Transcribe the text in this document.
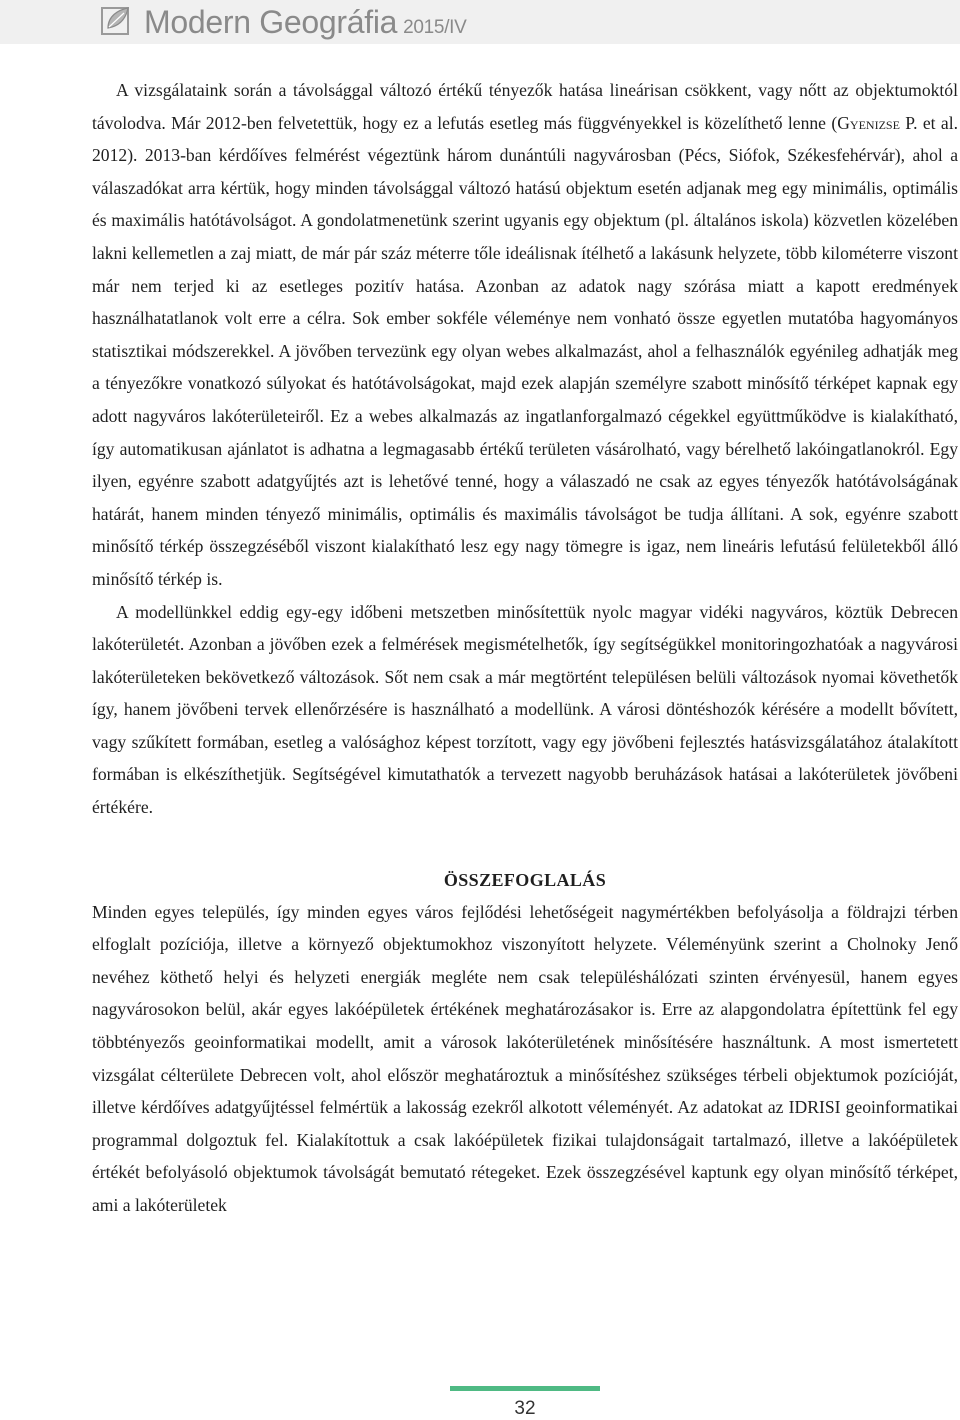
Modern Geográfia 2015/IV

A vizsgálataink során a távolsággal változó értékű tényezők hatása lineárisan csökkent, vagy nőtt az objektumoktól távolodva. Már 2012-ben felvetettük, hogy ez a lefutás esetleg más függvényekkel is közelíthető lenne (Gyenizse P. et al. 2012). 2013-ban kérdőíves felmérést végeztünk három dunántúli nagyvárosban (Pécs, Siófok, Székesfehérvár), ahol a válaszadókat arra kértük, hogy minden távolsággal változó hatású objektum esetén adjanak meg egy minimális, optimális és maximális hatótávolságot. A gondolatmenetünk szerint ugyanis egy objektum (pl. általános iskola) közvetlen közelében lakni kellemetlen a zaj miatt, de már pár száz méterre tőle ideálisnak ítélhető a lakásunk helyzete, több kilométerre viszont már nem terjed ki az esetleges pozitív hatása. Azonban az adatok nagy szórása miatt a kapott eredmények használhatatlanok volt erre a célra. Sok ember sokféle véleménye nem vonható össze egyetlen mutatóba hagyományos statisztikai módszerekkel. A jövőben tervezünk egy olyan webes alkalmazást, ahol a felhasználók egyénileg adhatják meg a tényezőkre vonatkozó súlyokat és hatótávolságokat, majd ezek alapján személyre szabott minősítő térképet kapnak egy adott nagyváros lakóterületeiről. Ez a webes alkalmazás az ingatlanforgalmazó cégekkel együttműködve is kialakítható, így automatikusan ajánlatot is adhatna a legmagasabb értékű területen vásárolható, vagy bérelhető lakóingatlanokról. Egy ilyen, egyénre szabott adatgyűjtés azt is lehetővé tenné, hogy a válaszadó ne csak az egyes tényezők hatótávolságának határát, hanem minden tényező minimális, optimális és maximális távolságot be tudja állítani. A sok, egyénre szabott minősítő térkép összegzéséből viszont kialakítható lesz egy nagy tömegre is igaz, nem lineáris lefutású felületekből álló minősítő térkép is.

A modellünkkel eddig egy-egy időbeni metszetben minősítettük nyolc magyar vidéki nagyváros, köztük Debrecen lakóterületét. Azonban a jövőben ezek a felmérések megismételhetők, így segítségükkel monitoringozhatóak a nagyvárosi lakóterületeken bekövetkező változások. Sőt nem csak a már megtörtént településen belüli változások nyomai követhetők így, hanem jövőbeni tervek ellenőrzésére is használható a modellünk. A városi döntéshozók kérésére a modellt bővített, vagy szűkített formában, esetleg a valósághoz képest torzított, vagy egy jövőbeni fejlesztés hatásvizsgálatához átalakított formában is elkészíthetjük. Segítségével kimutathatók a tervezett nagyobb beruházások hatásai a lakóterületek jövőbeni értékére.

ÖSSZEFOGLALÁS

Minden egyes település, így minden egyes város fejlődési lehetőségeit nagymértékben befolyásolja a földrajzi térben elfoglalt pozíciója, illetve a környező objektumokhoz viszonyított helyzete. Véleményünk szerint a Cholnoky Jenő nevéhez köthető helyi és helyzeti energiák megléte nem csak településhálózati szinten érvényesül, hanem egyes nagyvárosokon belül, akár egyes lakóépületek értékének meghatározásakor is. Erre az alapgondolatra építettünk fel egy többtényezős geoinformatikai modellt, amit a városok lakóterületének minősítésére használtunk. A most ismertetett vizsgálat célterülete Debrecen volt, ahol először meghatároztuk a minősítéshez szükséges térbeli objektumok pozícióját, illetve kérdőíves adatgyűjtéssel felmértük a lakosság ezekről alkotott véleményét. Az adatokat az IDRISI geoinformatikai programmal dolgoztuk fel. Kialakítottuk a csak lakóépületek fizikai tulajdonságait tartalmazó, illetve a lakóépületek értékét befolyásoló objektumok távolságát bemutató rétegeket. Ezek összegzésével kaptunk egy olyan minősítő térképet, ami a lakóterületek

32
